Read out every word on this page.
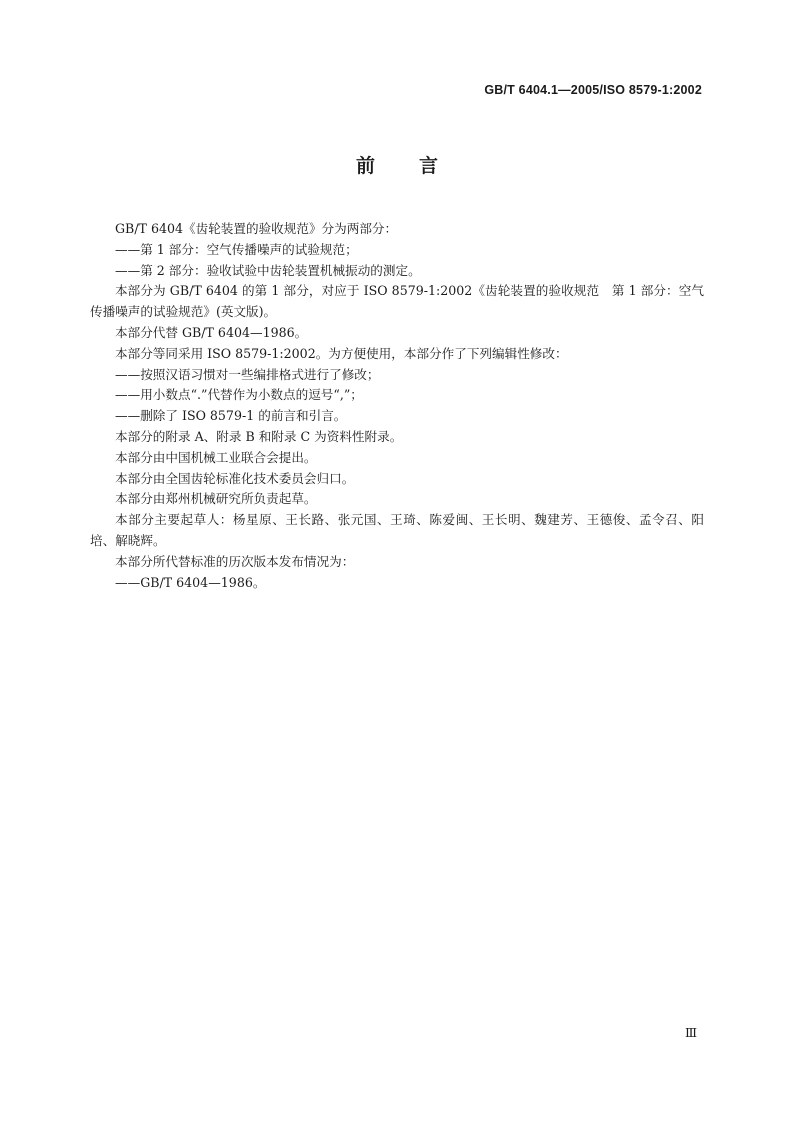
GB/T 6404.1—2005/ISO 8579-1:2002
前 言

GB/T 6404《齿轮装置的验收规范》分为两部分：

——第 1 部分：空气传播噪声的试验规范；

——第 2 部分：验收试验中齿轮装置机械振动的测定。

本部分为 GB/T 6404 的第 1 部分，对应于 ISO 8579-1:2002《齿轮装置的验收规范　第 1 部分：空气传播噪声的试验规范》(英文版)。

本部分代替 GB/T 6404—1986。

本部分等同采用 ISO 8579-1:2002。为方便使用，本部分作了下列编辑性修改：

——按照汉语习惯对一些编排格式进行了修改；

——用小数点“.”代替作为小数点的逗号“,”；

——删除了 ISO 8579-1 的前言和引言。

本部分的附录 A、附录 B 和附录 C 为资料性附录。

本部分由中国机械工业联合会提出。

本部分由全国齿轮标准化技术委员会归口。

本部分由郑州机械研究所负责起草。

本部分主要起草人：杨星原、王长路、张元国、王琦、陈爱闽、王长明、魏建芳、王德俊、孟令召、阳培、解晓辉。

本部分所代替标准的历次版本发布情况为：

——GB/T 6404—1986。

Ⅲ
